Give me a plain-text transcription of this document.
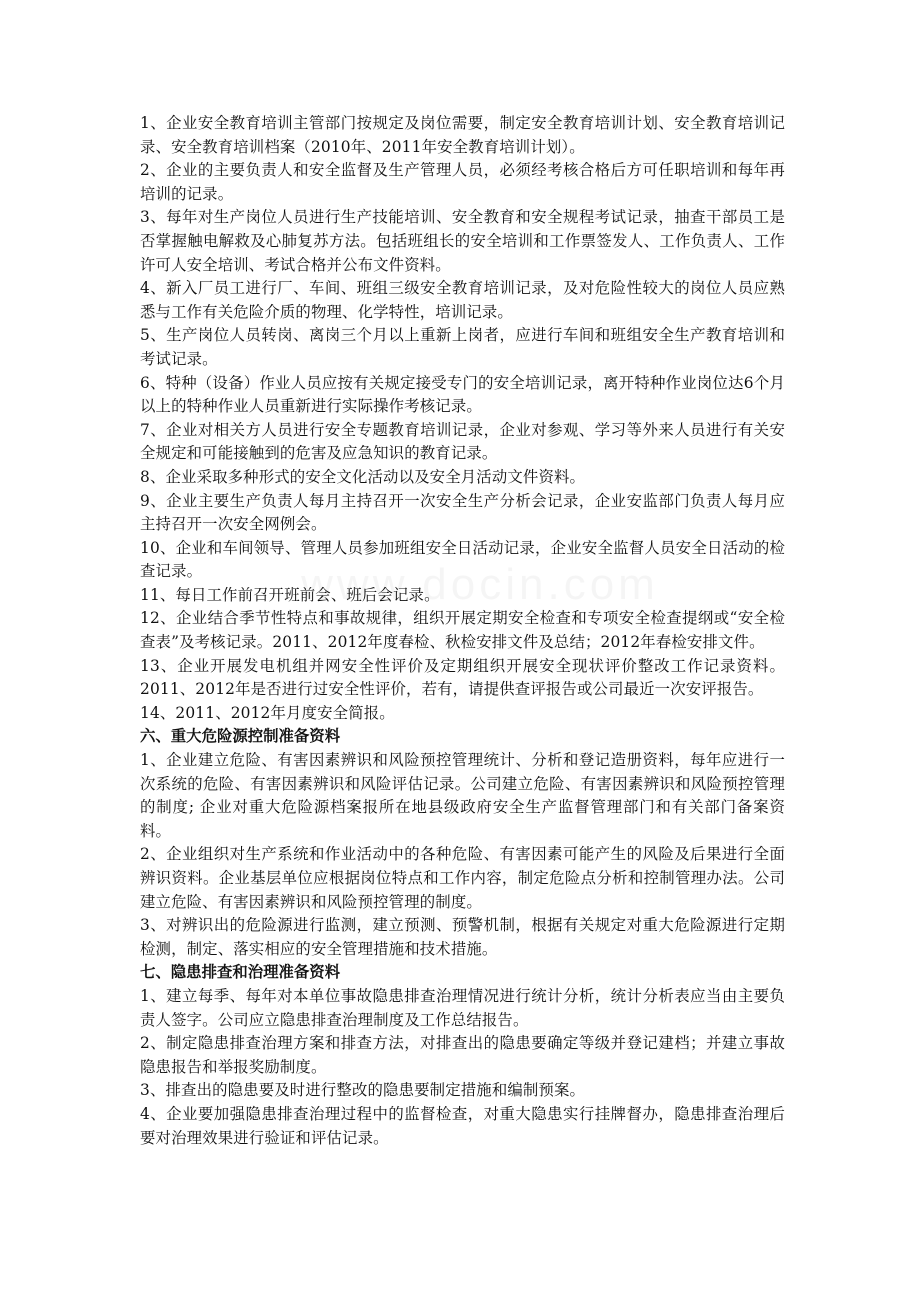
1、企业安全教育培训主管部门按规定及岗位需要，制定安全教育培训计划、安全教育培训记录、安全教育培训档案（2010年、2011年安全教育培训计划）。

2、企业的主要负责人和安全监督及生产管理人员，必须经考核合格后方可任职培训和每年再培训的记录。

3、每年对生产岗位人员进行生产技能培训、安全教育和安全规程考试记录，抽查干部员工是否掌握触电解救及心肺复苏方法。包括班组长的安全培训和工作票签发人、工作负责人、工作许可人安全培训、考试合格并公布文件资料。

4、新入厂员工进行厂、车间、班组三级安全教育培训记录，及对危险性较大的岗位人员应熟悉与工作有关危险介质的物理、化学特性，培训记录。

5、生产岗位人员转岗、离岗三个月以上重新上岗者，应进行车间和班组安全生产教育培训和考试记录。

6、特种（设备）作业人员应按有关规定接受专门的安全培训记录，离开特种作业岗位达6个月以上的特种作业人员重新进行实际操作考核记录。

7、企业对相关方人员进行安全专题教育培训记录，企业对参观、学习等外来人员进行有关安全规定和可能接触到的危害及应急知识的教育记录。

8、企业采取多种形式的安全文化活动以及安全月活动文件资料。

9、企业主要生产负责人每月主持召开一次安全生产分析会记录，企业安监部门负责人每月应主持召开一次安全网例会。

10、企业和车间领导、管理人员参加班组安全日活动记录，企业安全监督人员安全日活动的检查记录。

11、每日工作前召开班前会、班后会记录。

12、企业结合季节性特点和事故规律，组织开展定期安全检查和专项安全检查提纲或“安全检查表”及考核记录。2011、2012年度春检、秋检安排文件及总结；2012年春检安排文件。

13、企业开展发电机组并网安全性评价及定期组织开展安全现状评价整改工作记录资料。2011、2012年是否进行过安全性评价，若有，请提供查评报告或公司最近一次安评报告。

14、2011、2012年月度安全简报。

六、重大危险源控制准备资料

1、企业建立危险、有害因素辨识和风险预控管理统计、分析和登记造册资料，每年应进行一次系统的危险、有害因素辨识和风险评估记录。公司建立危险、有害因素辨识和风险预控管理的制度; 企业对重大危险源档案报所在地县级政府安全生产监督管理部门和有关部门备案资料。

2、企业组织对生产系统和作业活动中的各种危险、有害因素可能产生的风险及后果进行全面辨识资料。企业基层单位应根据岗位特点和工作内容，制定危险点分析和控制管理办法。公司建立危险、有害因素辨识和风险预控管理的制度。

3、对辨识出的危险源进行监测，建立预测、预警机制，根据有关规定对重大危险源进行定期检测，制定、落实相应的安全管理措施和技术措施。

七、隐患排查和治理准备资料

1、建立每季、每年对本单位事故隐患排查治理情况进行统计分析，统计分析表应当由主要负责人签字。公司应立隐患排查治理制度及工作总结报告。

2、制定隐患排查治理方案和排查方法，对排查出的隐患要确定等级并登记建档；并建立事故隐患报告和举报奖励制度。

3、排查出的隐患要及时进行整改的隐患要制定措施和编制预案。

4、企业要加强隐患排查治理过程中的监督检查，对重大隐患实行挂牌督办，隐患排查治理后要对治理效果进行验证和评估记录。
